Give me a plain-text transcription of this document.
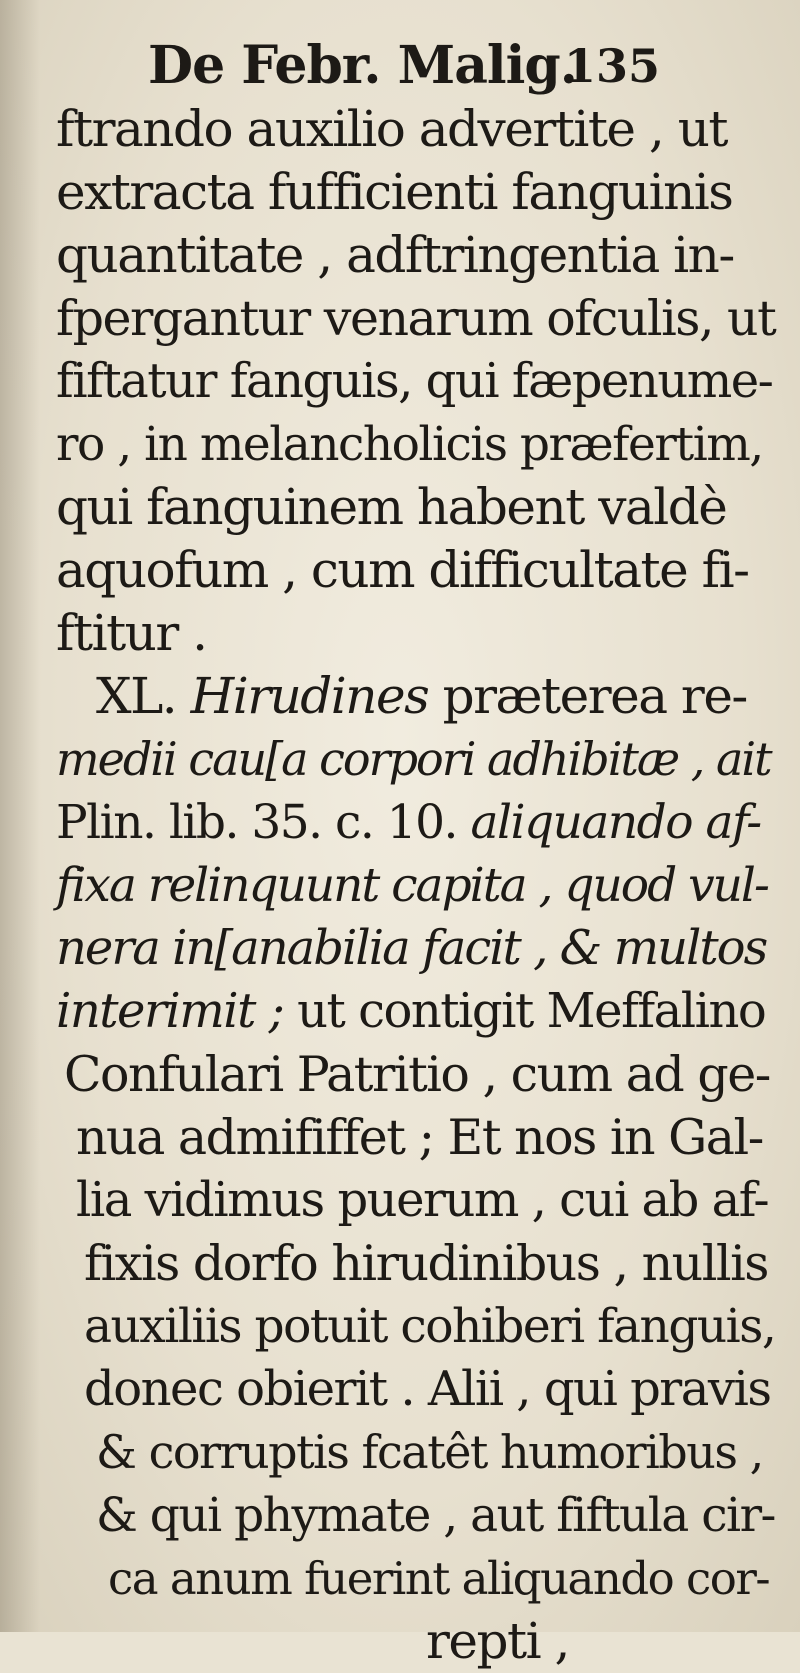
De Febr. Malig.
135
ftrando auxilio advertite , ut
extracta fufficienti fanguinis
quantitate , adftringentia in-
fpergantur venarum ofculis, ut
fiftatur fanguis, qui fæpenume-
ro , in melancholicis præfertim,
qui fanguinem habent valdè
aquofum , cum difficultate fi-
ftitur .
XL. Hirudines præterea re-
medii cau[a corpori adhibitæ , ait
Plin. lib. 35. c. 10. aliquando af-
fixa relinquunt capita , quod vul-
nera in[anabilia facit , & multos
interimit ; ut contigit Meffalino
Confulari Patritio , cum ad ge-
nua admififfet ; Et nos in Gal-
lia vidimus puerum , cui ab af-
fixis dorfo hirudinibus , nullis
auxiliis potuit cohiberi fanguis,
donec obierit . Alii , qui pravis
& corruptis fcatêt humoribus ,
& qui phymate , aut fiftula cir-
ca anum fuerint aliquando cor-
repti ,
